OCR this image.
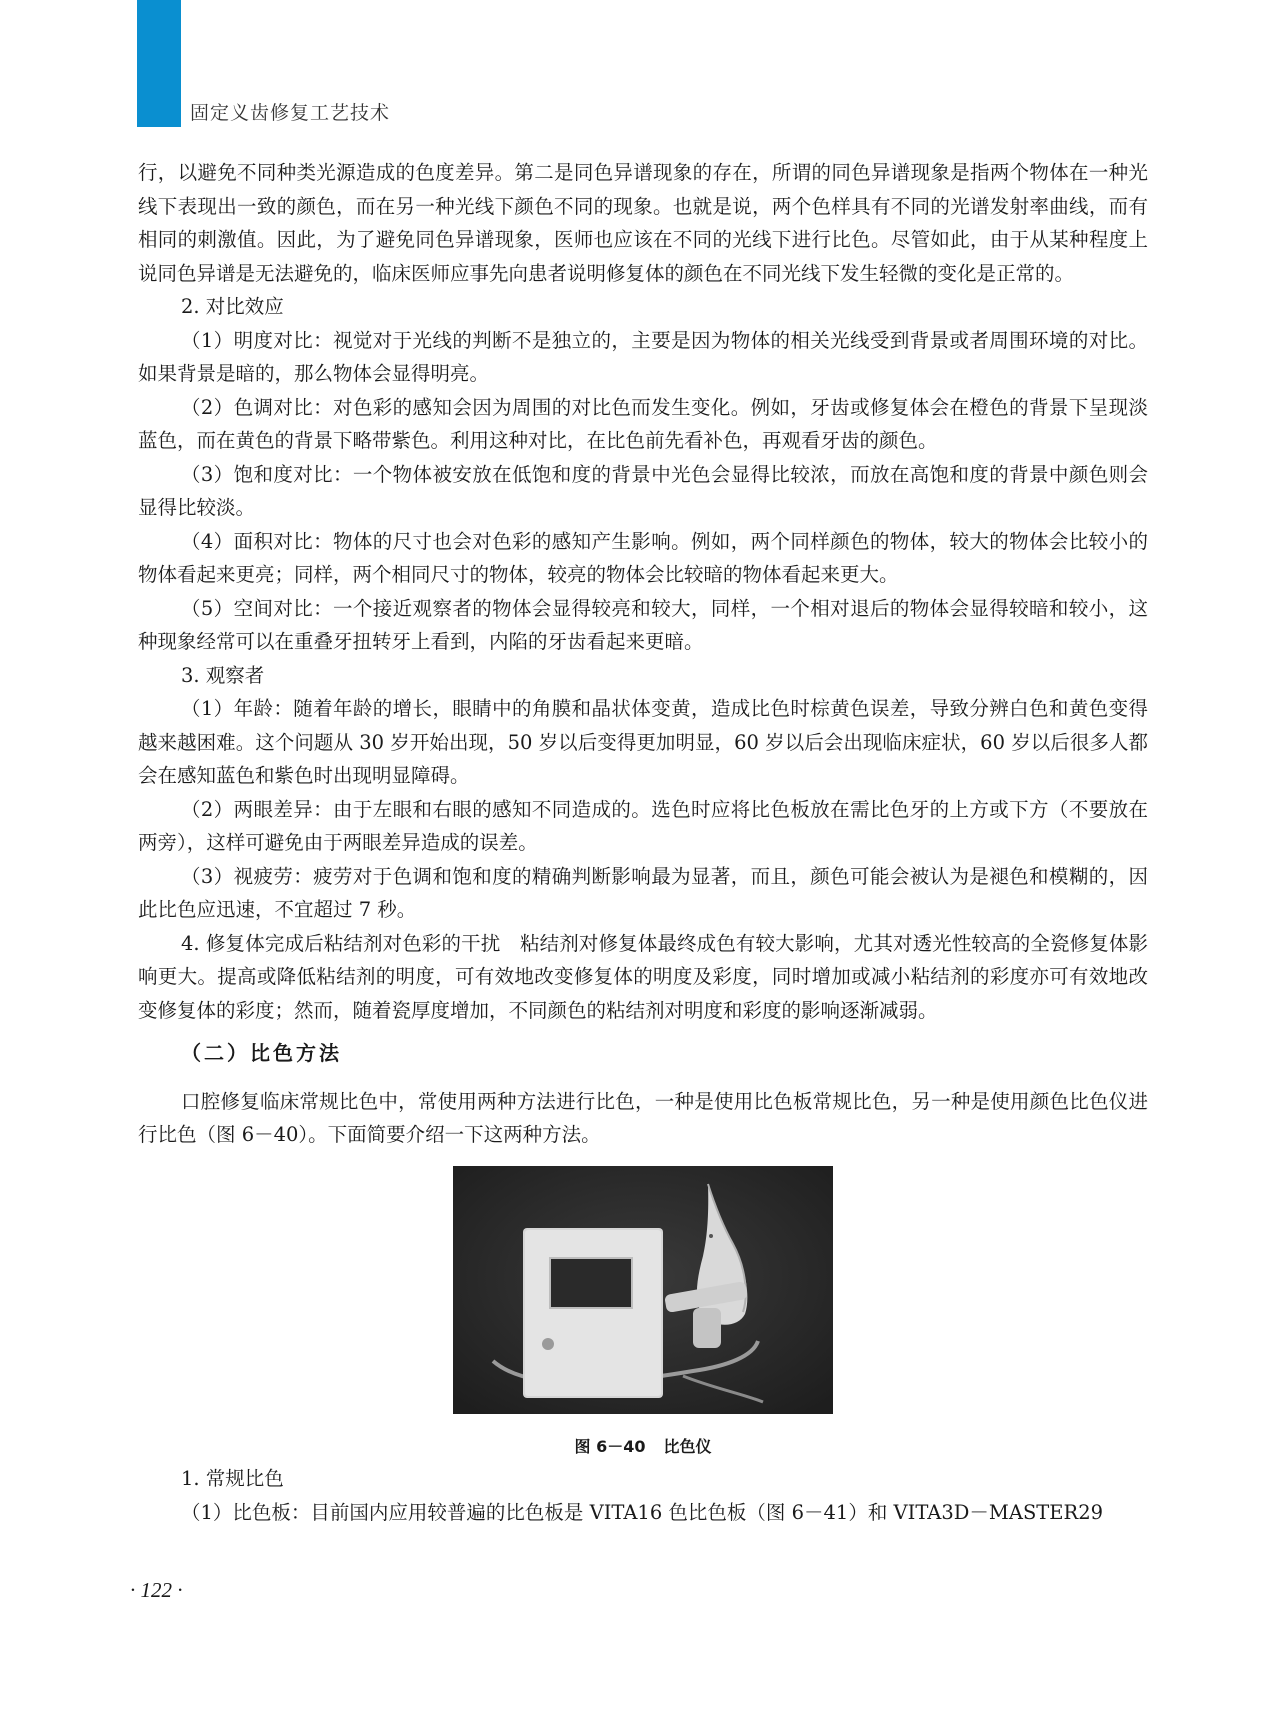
固定义齿修复工艺技术

行，以避免不同种类光源造成的色度差异。第二是同色异谱现象的存在，所谓的同色异谱现象是指两个物体在一种光线下表现出一致的颜色，而在另一种光线下颜色不同的现象。也就是说，两个色样具有不同的光谱发射率曲线，而有相同的刺激值。因此，为了避免同色异谱现象，医师也应该在不同的光线下进行比色。尽管如此，由于从某种程度上说同色异谱是无法避免的，临床医师应事先向患者说明修复体的颜色在不同光线下发生轻微的变化是正常的。

2. 对比效应

（1）明度对比：视觉对于光线的判断不是独立的，主要是因为物体的相关光线受到背景或者周围环境的对比。如果背景是暗的，那么物体会显得明亮。

（2）色调对比：对色彩的感知会因为周围的对比色而发生变化。例如，牙齿或修复体会在橙色的背景下呈现淡蓝色，而在黄色的背景下略带紫色。利用这种对比，在比色前先看补色，再观看牙齿的颜色。

（3）饱和度对比：一个物体被安放在低饱和度的背景中光色会显得比较浓，而放在高饱和度的背景中颜色则会显得比较淡。

（4）面积对比：物体的尺寸也会对色彩的感知产生影响。例如，两个同样颜色的物体，较大的物体会比较小的物体看起来更亮；同样，两个相同尺寸的物体，较亮的物体会比较暗的物体看起来更大。

（5）空间对比：一个接近观察者的物体会显得较亮和较大，同样，一个相对退后的物体会显得较暗和较小，这种现象经常可以在重叠牙扭转牙上看到，内陷的牙齿看起来更暗。

3. 观察者

（1）年龄：随着年龄的增长，眼睛中的角膜和晶状体变黄，造成比色时棕黄色误差，导致分辨白色和黄色变得越来越困难。这个问题从 30 岁开始出现，50 岁以后变得更加明显，60 岁以后会出现临床症状，60 岁以后很多人都会在感知蓝色和紫色时出现明显障碍。

（2）两眼差异：由于左眼和右眼的感知不同造成的。选色时应将比色板放在需比色牙的上方或下方（不要放在两旁），这样可避免由于两眼差异造成的误差。

（3）视疲劳：疲劳对于色调和饱和度的精确判断影响最为显著，而且，颜色可能会被认为是褪色和模糊的，因此比色应迅速，不宜超过 7 秒。

4. 修复体完成后粘结剂对色彩的干扰　粘结剂对修复体最终成色有较大影响，尤其对透光性较高的全瓷修复体影响更大。提高或降低粘结剂的明度，可有效地改变修复体的明度及彩度，同时增加或减小粘结剂的彩度亦可有效地改变修复体的彩度；然而，随着瓷厚度增加，不同颜色的粘结剂对明度和彩度的影响逐渐减弱。

（二）比色方法

口腔修复临床常规比色中，常使用两种方法进行比色，一种是使用比色板常规比色，另一种是使用颜色比色仪进行比色（图 6－40）。下面简要介绍一下这两种方法。

图 6－40 比色仪

1. 常规比色

（1）比色板：目前国内应用较普遍的比色板是 VITA16 色比色板（图 6－41）和 VITA3D－MASTER29

· 122 ·
